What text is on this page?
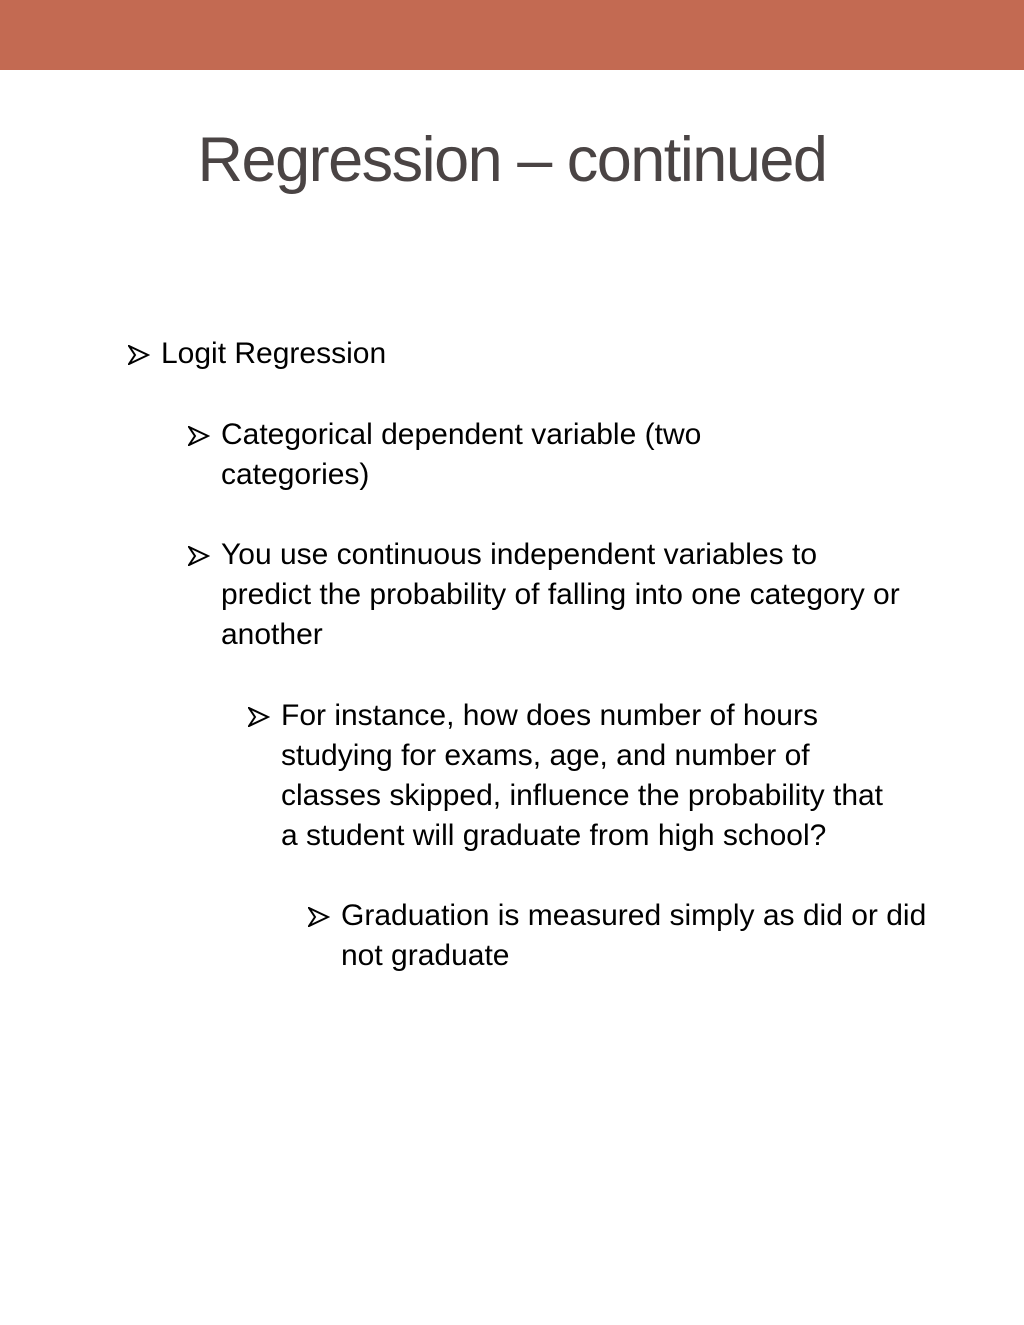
Regression – continued
Logit Regression
Categorical dependent variable (two categories)
You use continuous independent variables to predict the probability of falling into one category or another
For instance, how does number of hours studying for exams, age, and number of classes skipped, influence the probability that a student will graduate from high school?
Graduation is measured simply as did or did not graduate
